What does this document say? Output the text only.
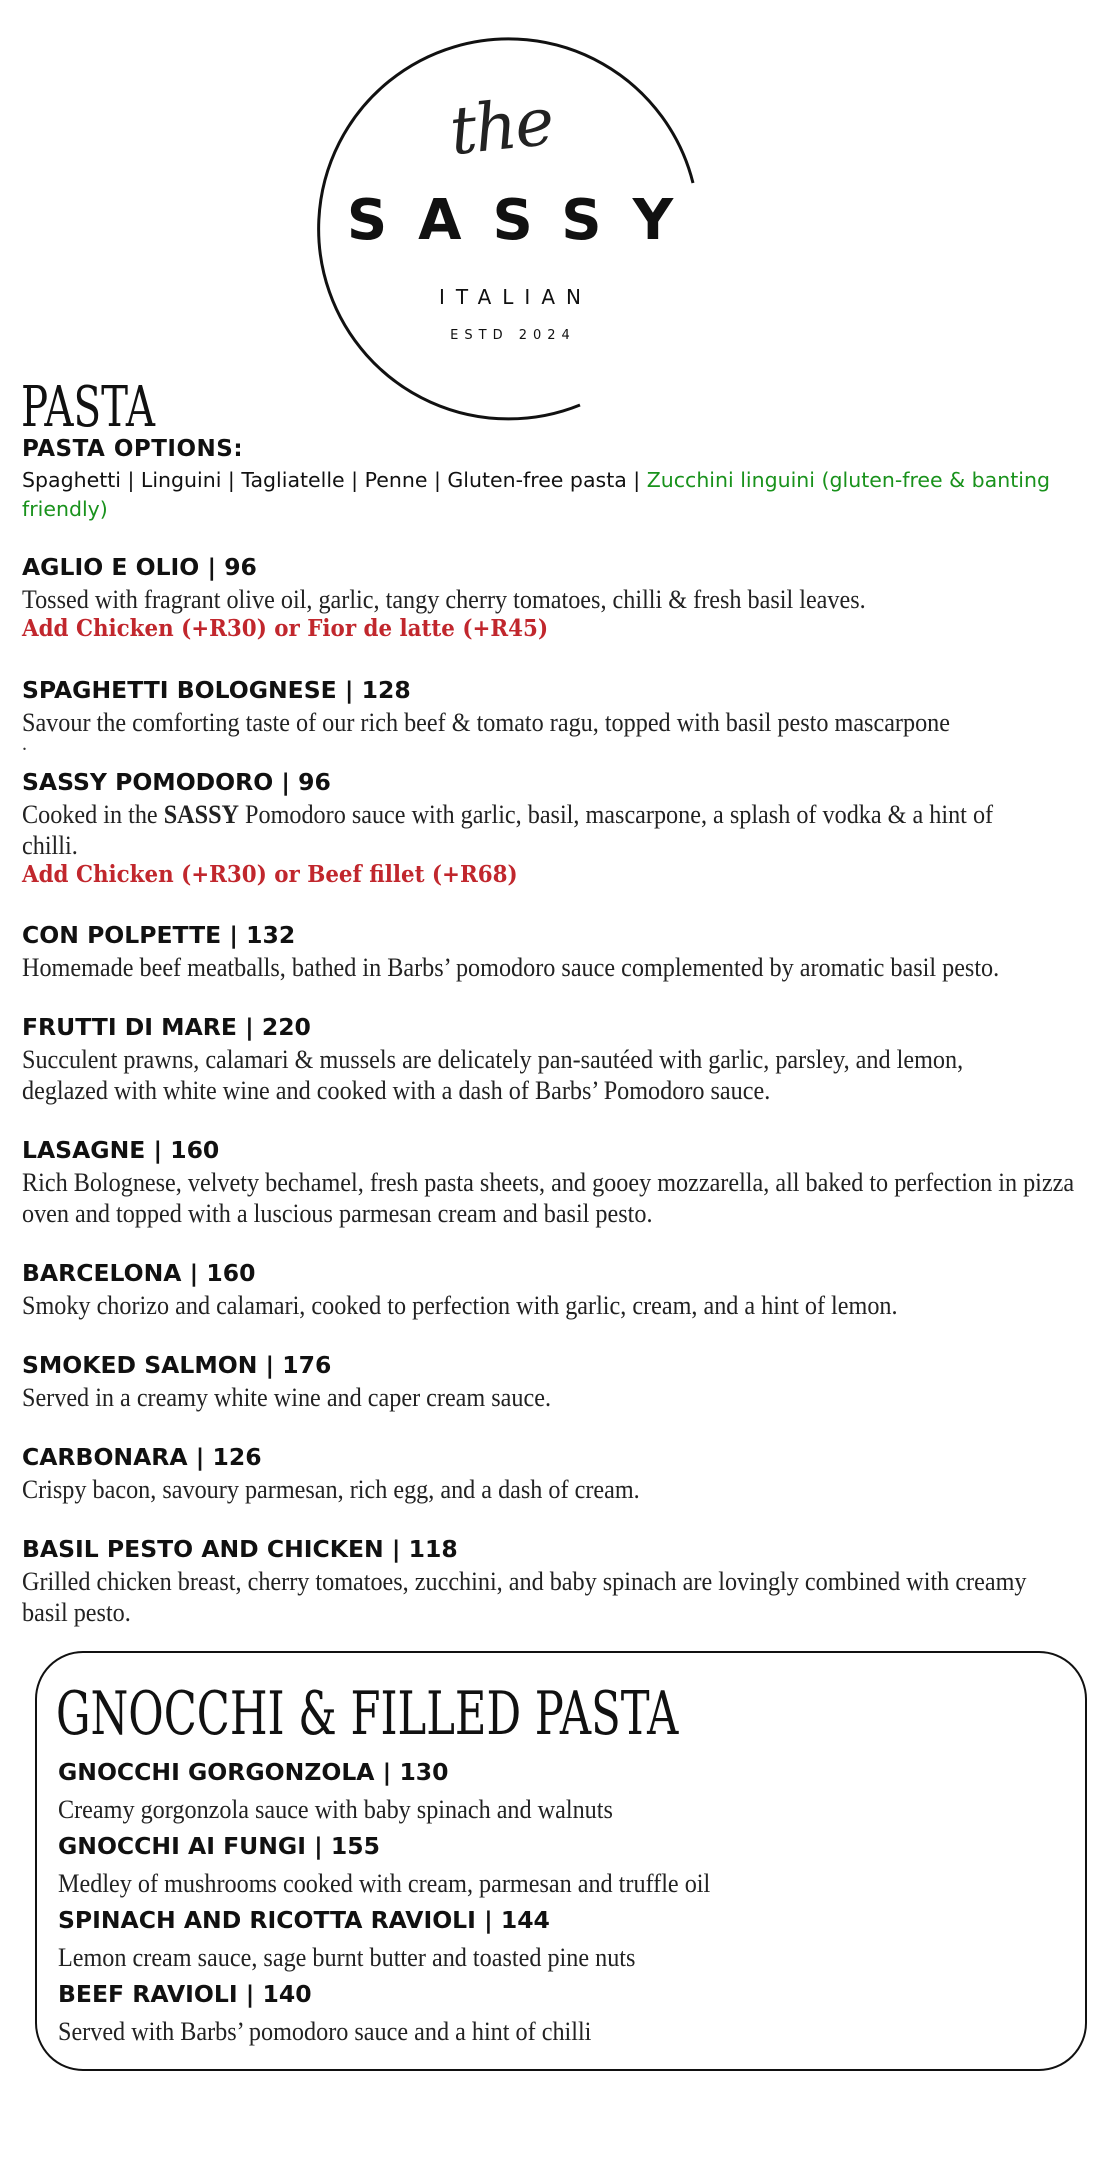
the
SASSY
ITALIAN
ESTD 2024
PASTA
PASTA OPTIONS:
Spaghetti | Linguini | Tagliatelle | Penne | Gluten-free pasta | Zucchini linguini (gluten-free & banting friendly)
AGLIO E OLIO | 96
Tossed with fragrant olive oil, garlic, tangy cherry tomatoes, chilli & fresh basil leaves.
Add Chicken (+R30) or Fior de latte (+R45)
SPAGHETTI BOLOGNESE | 128
Savour the comforting taste of our rich beef & tomato ragu, topped with basil pesto mascarpone
.
SASSY POMODORO | 96
Cooked in the SASSY Pomodoro sauce with garlic, basil, mascarpone, a splash of vodka & a hint of chilli.
Add Chicken (+R30) or Beef fillet (+R68)
CON POLPETTE | 132
Homemade beef meatballs, bathed in Barbs’ pomodoro sauce complemented by aromatic basil pesto.
FRUTTI DI MARE | 220
Succulent prawns, calamari & mussels are delicately pan-sautéed with garlic, parsley, and lemon, deglazed with white wine and cooked with a dash of Barbs’ Pomodoro sauce.
LASAGNE | 160
Rich Bolognese, velvety bechamel, fresh pasta sheets, and gooey mozzarella, all baked to perfection in pizza oven and topped with a luscious parmesan cream and basil pesto.
BARCELONA | 160
Smoky chorizo and calamari, cooked to perfection with garlic, cream, and a hint of lemon.
SMOKED SALMON | 176
Served in a creamy white wine and caper cream sauce.
CARBONARA | 126
Crispy bacon, savoury parmesan, rich egg, and a dash of cream.
BASIL PESTO AND CHICKEN | 118
Grilled chicken breast, cherry tomatoes, zucchini, and baby spinach are lovingly combined with creamy basil pesto.
GNOCCHI & FILLED PASTA
GNOCCHI GORGONZOLA | 130
Creamy gorgonzola sauce with baby spinach and walnuts
GNOCCHI AI FUNGI | 155
Medley of mushrooms cooked with cream, parmesan and truffle oil
SPINACH AND RICOTTA RAVIOLI | 144
Lemon cream sauce, sage burnt butter and toasted pine nuts
BEEF RAVIOLI | 140
Served with Barbs’ pomodoro sauce and a hint of chilli
